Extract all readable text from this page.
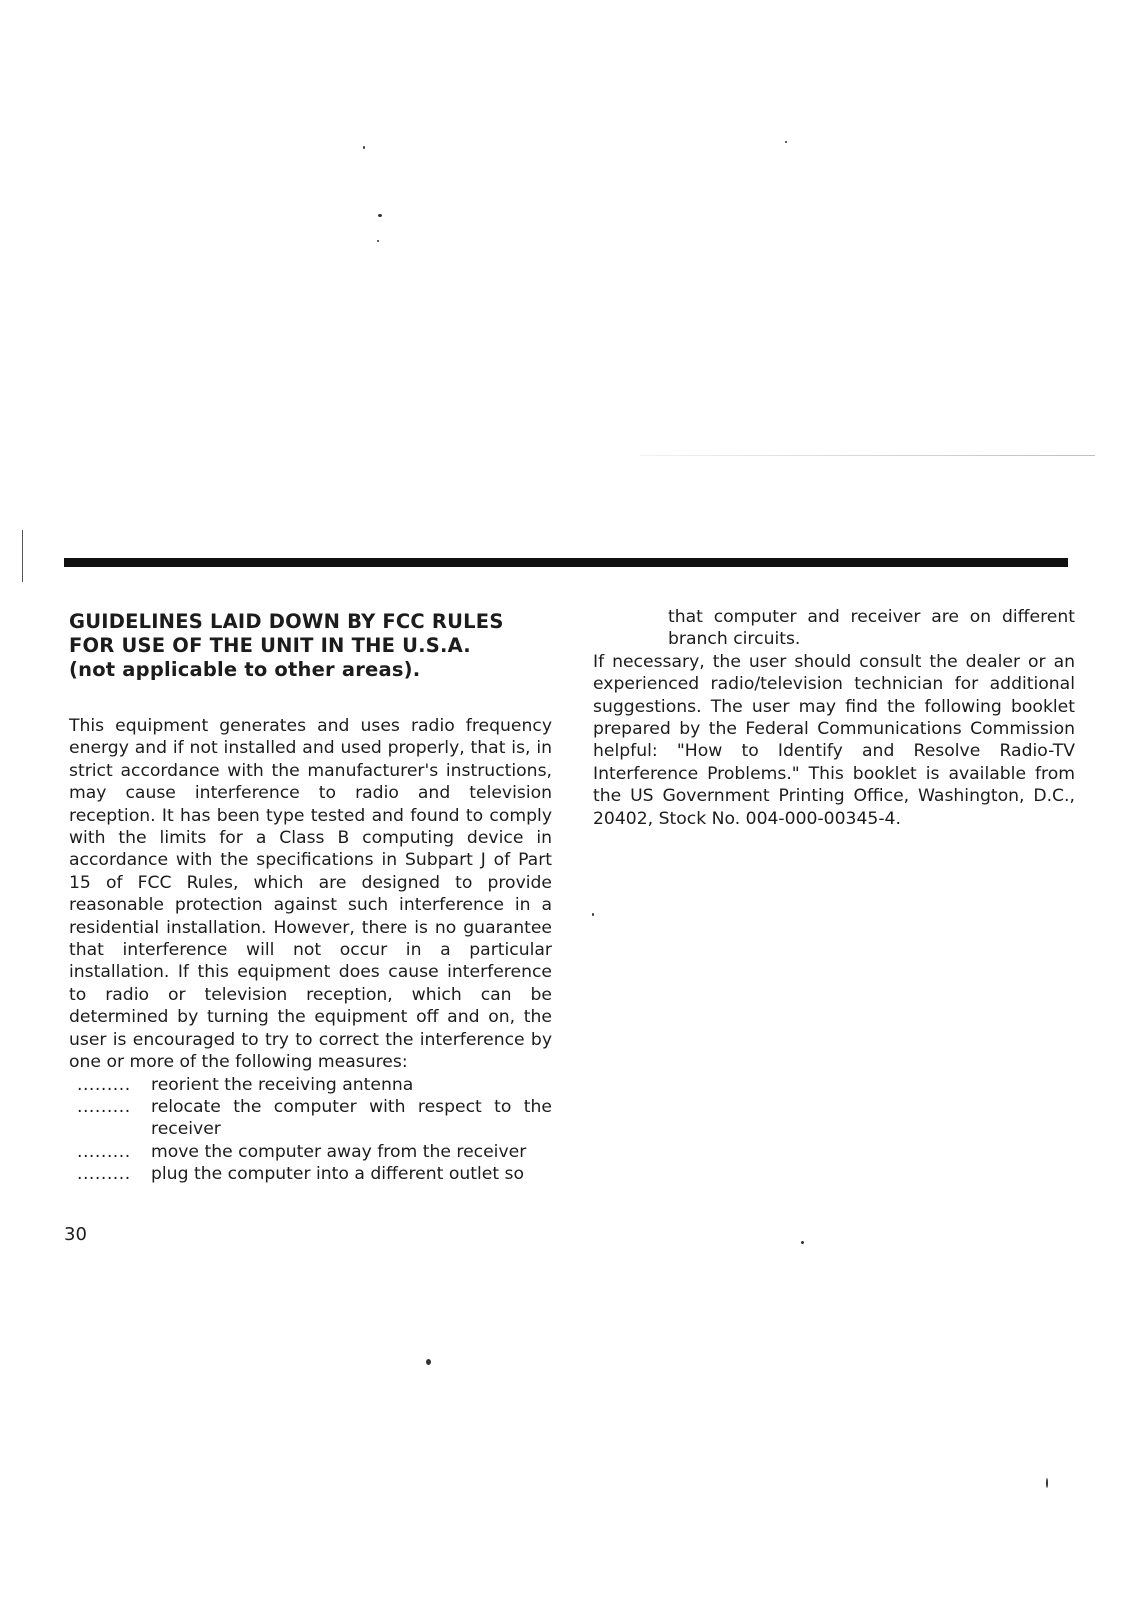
GUIDELINES LAID DOWN BY FCC RULES
FOR USE OF THE UNIT IN THE U.S.A.
(not applicable to other areas).

This equipment generates and uses radio frequency energy and if not installed and used properly, that is, in strict accordance with the manufacturer's instructions, may cause interference to radio and television reception. It has been type tested and found to comply with the limits for a Class B computing device in accordance with the specifications in Subpart J of Part 15 of FCC Rules, which are designed to provide reasonable protection against such interference in a residential installation. However, there is no guarantee that interference will not occur in a particular installation. If this equipment does cause interference to radio or television reception, which can be determined by turning the equipment off and on, the user is encouraged to try to correct the interference by one or more of the following measures:

......... reorient the receiving antenna
......... relocate the computer with respect to the receiver
......... move the computer away from the receiver
......... plug the computer into a different outlet so

that computer and receiver are on different branch circuits.

If necessary, the user should consult the dealer or an experienced radio/television technician for additional suggestions. The user may find the following booklet prepared by the Federal Communications Commission helpful: "How to Identify and Resolve Radio-TV Interference Problems." This booklet is available from the US Government Printing Office, Washington, D.C., 20402, Stock No. 004-000-00345-4.

30
